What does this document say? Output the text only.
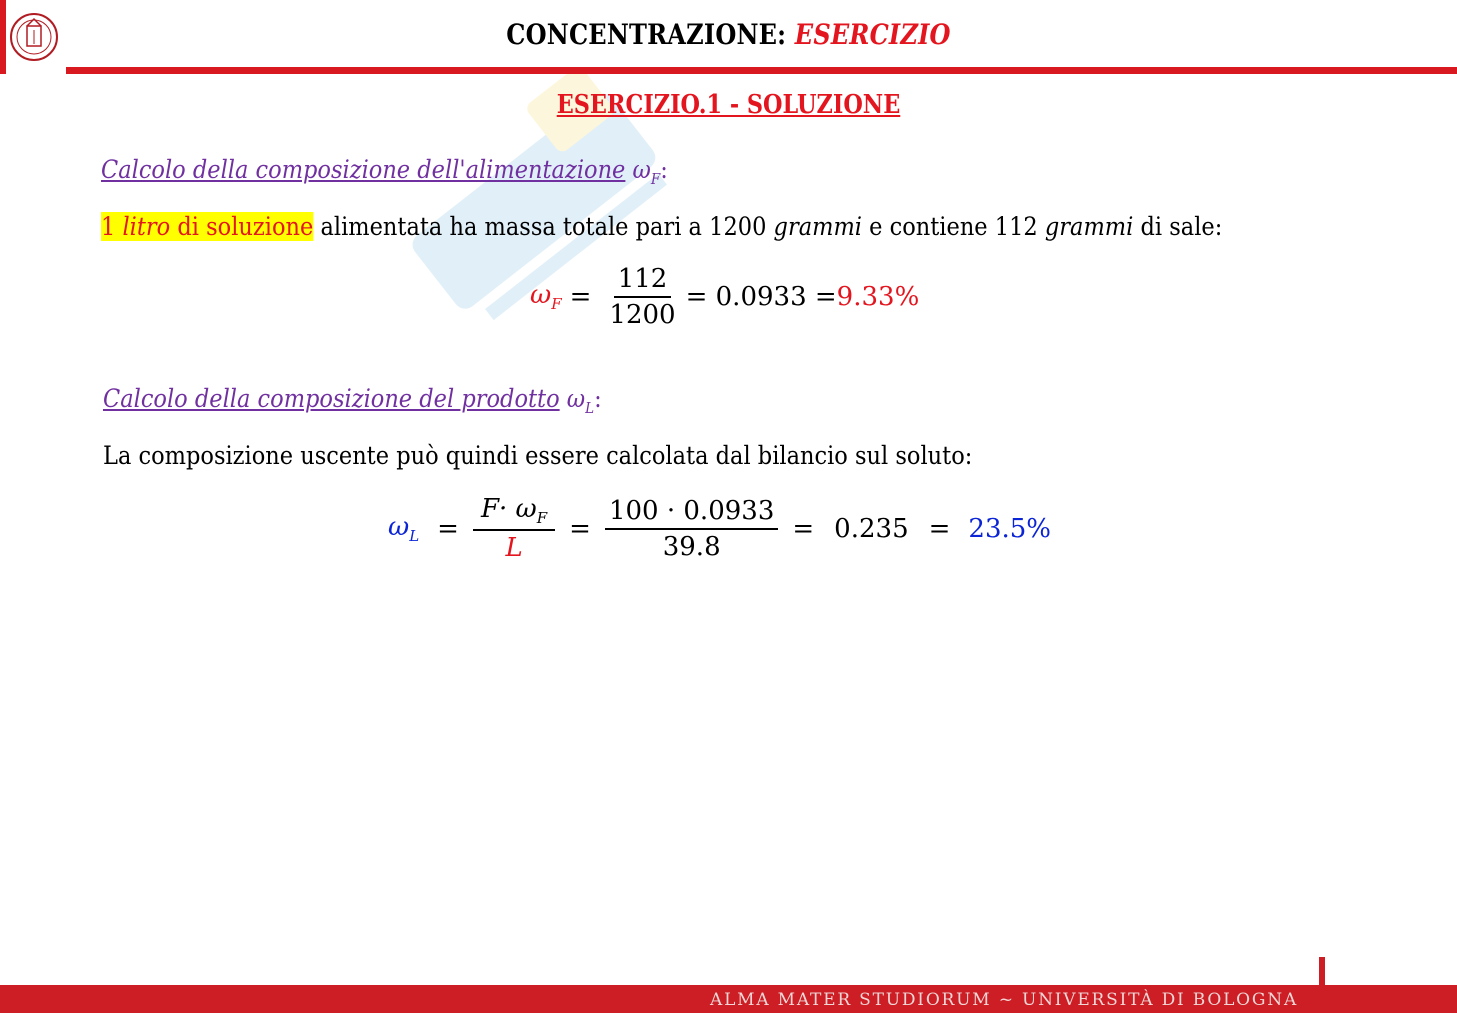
CONCENTRAZIONE: ESERCIZIO
ESERCIZIO.1 - SOLUZIONE
Calcolo della composizione dell'alimentazione $\omega_F$:
1 litro di soluzione alimentata ha massa totale pari a 1200 grammi e contiene 112 grammi di sale:
$\omega_F = \frac{112}{1200} = 0.0933 = 9.33\%$
Calcolo della composizione del prodotto $\omega_L$:
La composizione uscente può quindi essere calcolata dal bilancio sul soluto:
$\omega_L = \frac{F\cdot \omega_F}{L} = \frac{100 \cdot 0.0933}{39.8} = 0.235 = 23.5\%$
ALMA MATER STUDIORUM ~ UNIVERSITÀ DI BOLOGNA
